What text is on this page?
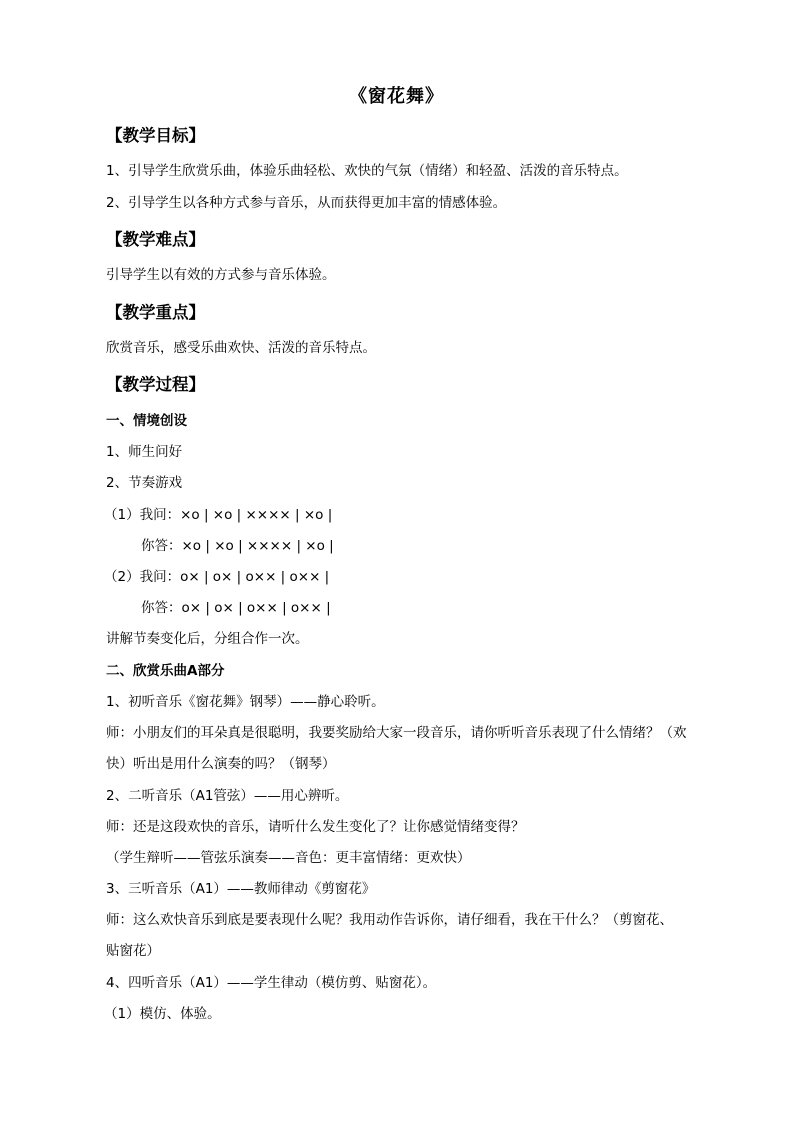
《窗花舞》
【教学目标】
1、引导学生欣赏乐曲，体验乐曲轻松、欢快的气氛（情绪）和轻盈、活泼的音乐特点。
2、引导学生以各种方式参与音乐，从而获得更加丰富的情感体验。
【教学难点】
引导学生以有效的方式参与音乐体验。
【教学重点】
欣赏音乐，感受乐曲欢快、活泼的音乐特点。
【教学过程】
一、情境创设
1、师生问好
2、节奏游戏
（1）我问：×o | ×o | ×××× | ×o |
你答：×o | ×o | ×××× | ×o |
（2）我问：o× | o× | o×× | o×× |
你答：o× | o× | o×× | o×× |
讲解节奏变化后，分组合作一次。
二、欣赏乐曲A部分
1、初听音乐《窗花舞》钢琴）——静心聆听。
师：小朋友们的耳朵真是很聪明，我要奖励给大家一段音乐，请你听听音乐表现了什么情绪？（欢
快）听出是用什么演奏的吗？（钢琴）
2、二听音乐（A1管弦）——用心辨听。
师：还是这段欢快的音乐，请听什么发生变化了？让你感觉情绪变得？
（学生辩听——管弦乐演奏——音色：更丰富情绪：更欢快）
3、三听音乐（A1）——教师律动《剪窗花》
师：这么欢快音乐到底是要表现什么呢？我用动作告诉你，请仔细看，我在干什么？（剪窗花、
贴窗花）
4、四听音乐（A1）——学生律动（模仿剪、贴窗花）。
（1）模仿、体验。
